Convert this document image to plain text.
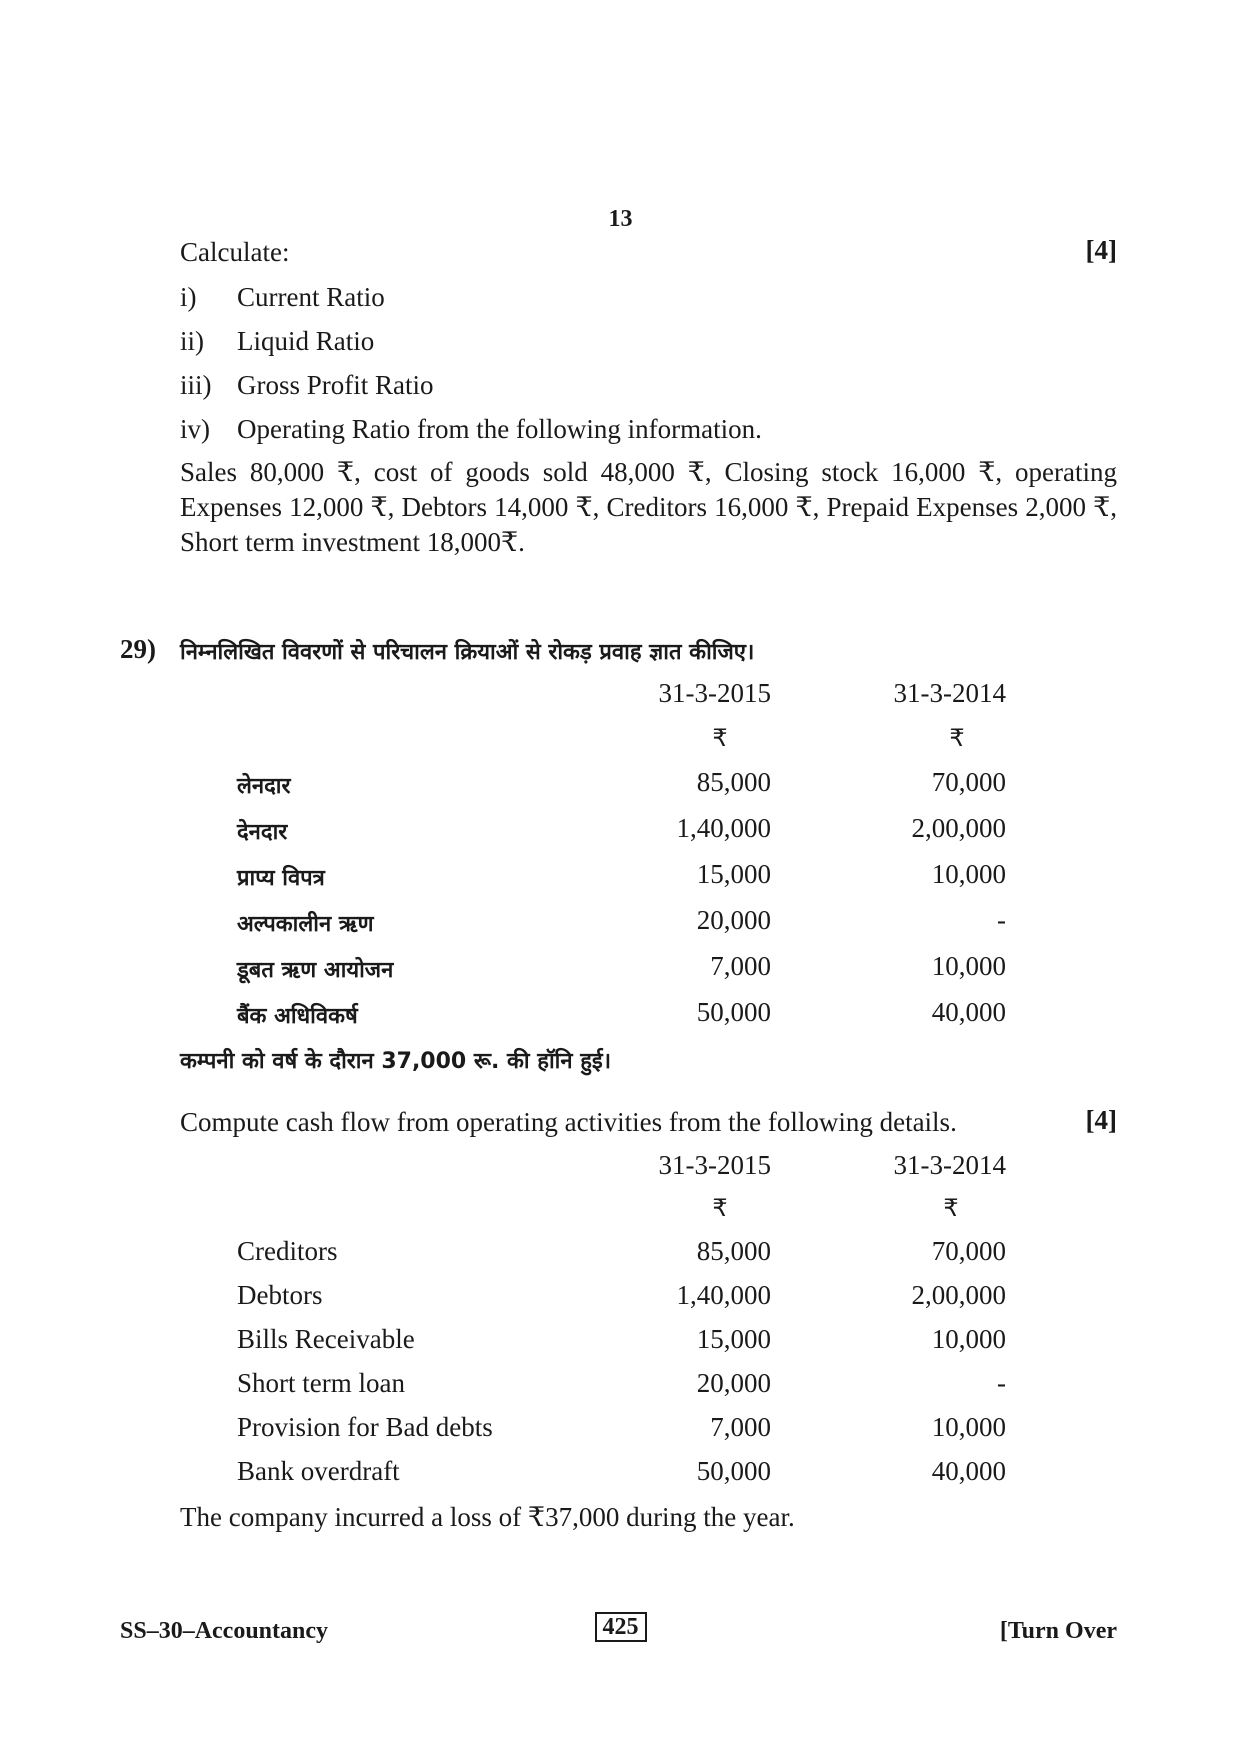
13
Calculate:	[4]
i)	Current Ratio
ii)	Liquid Ratio
iii) Gross Profit Ratio
iv)	Operating Ratio from the following information.
Sales 80,000 ₹, cost of goods sold 48,000 ₹, Closing stock 16,000 ₹, operating Expenses 12,000 ₹, Debtors 14,000 ₹, Creditors 16,000 ₹, Prepaid Expenses 2,000 ₹, Short term investment 18,000₹.
29) निम्नलिखित विवरणों से परिचालन क्रियाओं से रोकड़ प्रवाह ज्ञात कीजिए।
31-3-2015	31-3-2014
₹	₹
लेनदार	85,000	70,000
देनदार	1,40,000	2,00,000
प्राप्य विपत्र	15,000	10,000
अल्पकालीन ऋण	20,000	-
डूबत ऋण आयोजन	7,000	10,000
बैंक अधिविकर्ष	50,000	40,000
कम्पनी को वर्ष के दौरान 37,000 रू. की हॉनि हुई।
Compute cash flow from operating activities from the following details.	[4]
31-3-2015	31-3-2014
₹	₹
Creditors	85,000	70,000
Debtors	1,40,000	2,00,000
Bills Receivable	15,000	10,000
Short term loan	20,000	-
Provision for Bad debts	7,000	10,000
Bank overdraft	50,000	40,000
The company incurred a loss of ₹37,000 during the year.
SS–30–Accountancy	425	[Turn Over
